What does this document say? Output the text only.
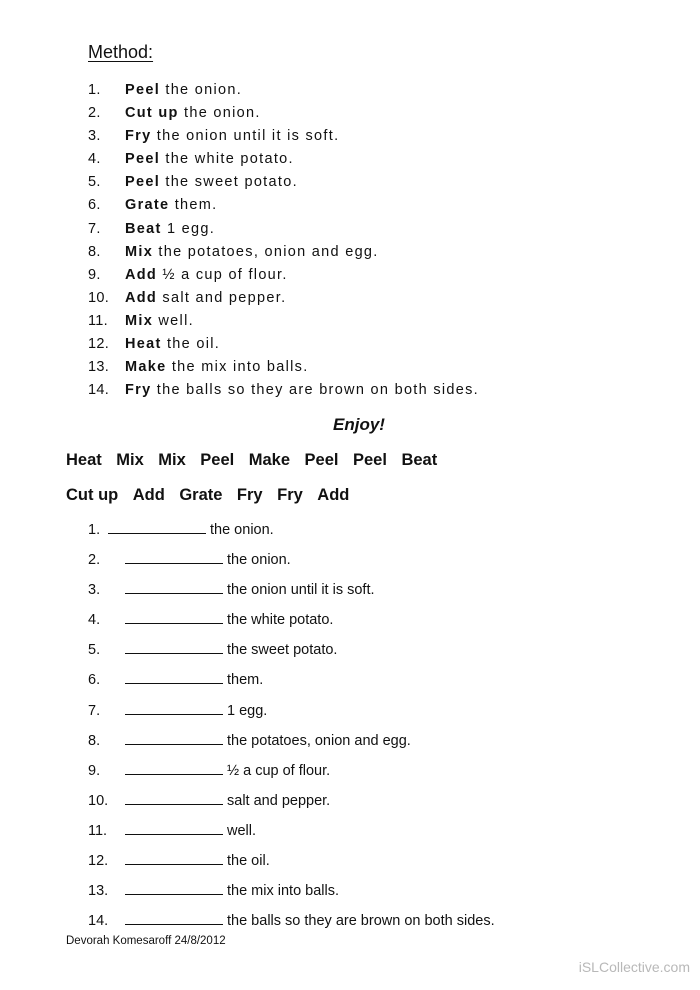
Method:
1. Peel the onion.
2. Cut up the onion.
3. Fry the onion until it is soft.
4. Peel the white potato.
5. Peel the sweet potato.
6. Grate them.
7. Beat 1 egg.
8. Mix the potatoes, onion and egg.
9. Add ½ a cup of flour.
10. Add salt and pepper.
11. Mix well.
12. Heat the oil.
13. Make the mix into balls.
14. Fry the balls so they are brown on both sides.
Enjoy!
Heat Mix Mix Peel Make Peel Peel Beat
Cut up Add Grate Fry Fry Add
1.	the onion.
2.	the onion.
3.	the onion until it is soft.
4.	the white potato.
5.	the sweet potato.
6.	them.
7.	1 egg.
8.	the potatoes, onion and egg.
9.	½ a cup of flour.
10.	salt and pepper.
11.	well.
12.	the oil.
13.	the mix into balls.
14.	the balls so they are brown on both sides.
Devorah Komesaroff 24/8/2012
iSLCollective.com
